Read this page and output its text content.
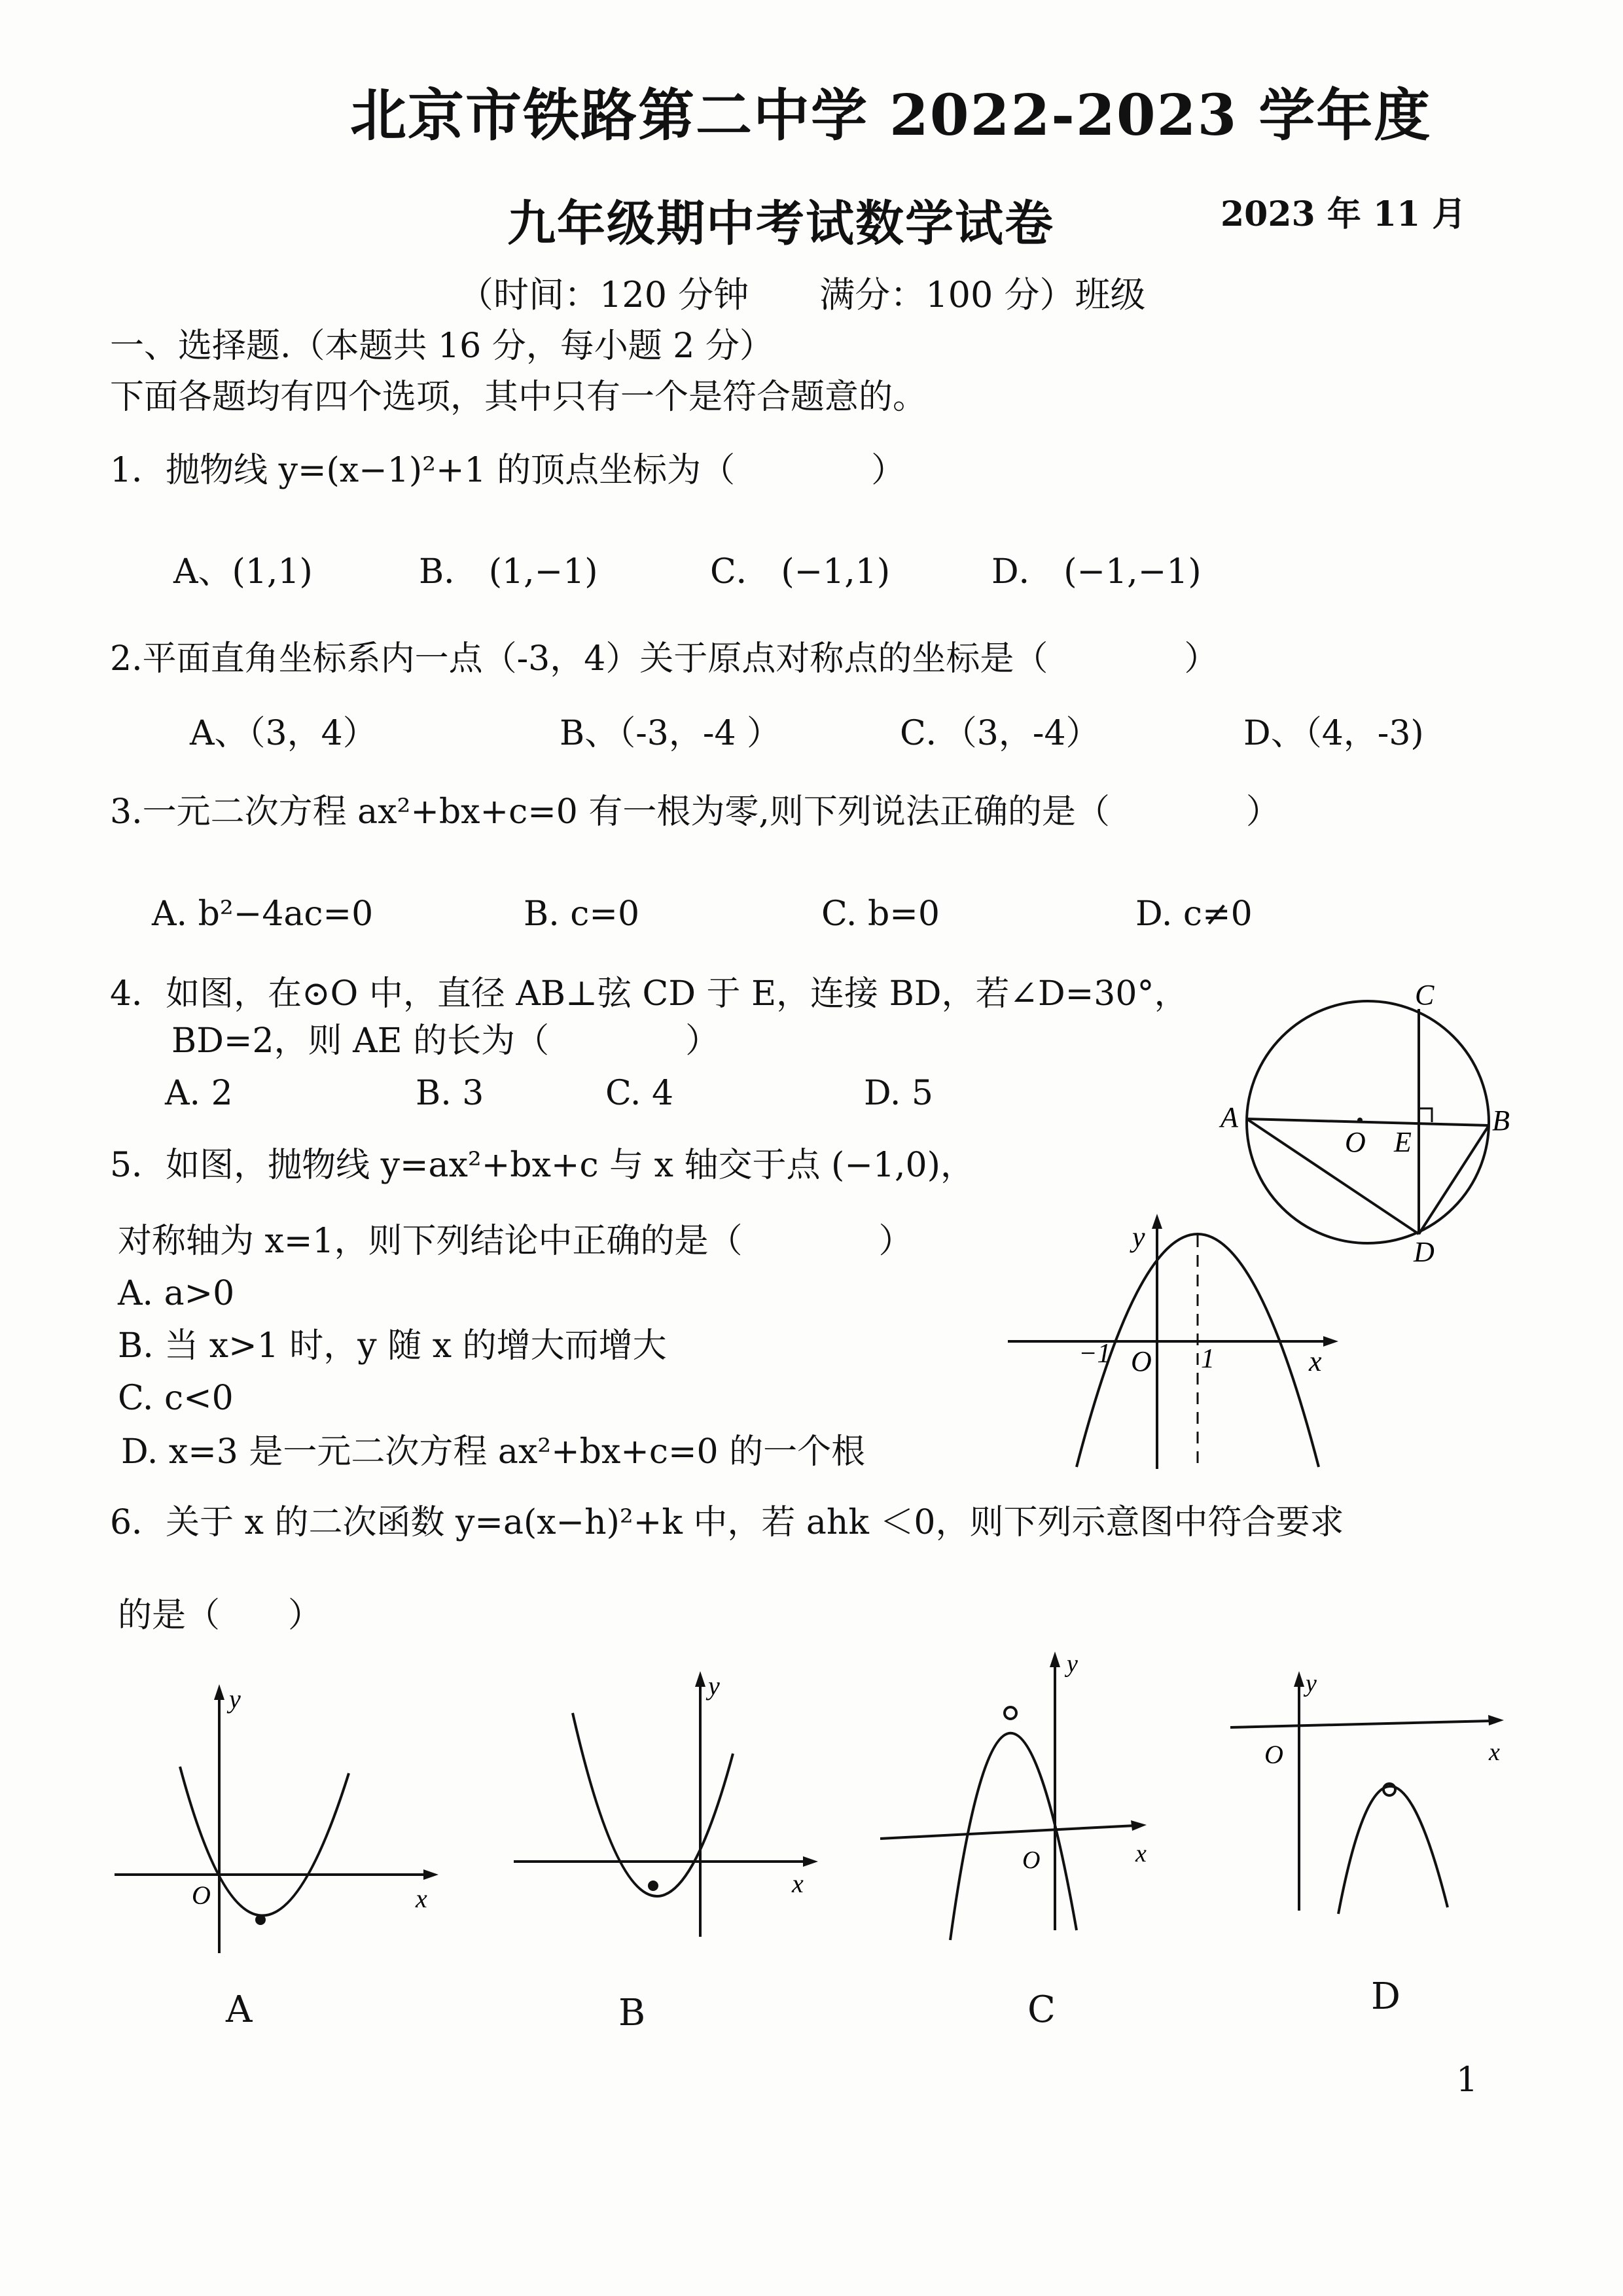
北京市铁路第二中学 2022-2023 学年度
九年级期中考试数学试卷	2023 年 11 月
（时间：120 分钟　　满分：100 分）班级
一、选择题.（本题共 16 分，每小题 2 分）
下面各题均有四个选项，其中只有一个是符合题意的。
1．抛物线 y=(x−1)²+1 的顶点坐标为（　　　　）
A、(1,1)	B． (1,−1)	C． (−1,1)	D． (−1,−1)
2.平面直角坐标系内一点（-3，4）关于原点对称点的坐标是（　　　　）
A、（3，4）	B、（-3，-4 ）	C．（3，-4）	D、（4，-3)
3.一元二次方程 ax²+bx+c=0 有一根为零,则下列说法正确的是（　　　　）
A. b²−4ac=0	B. c=0	C. b=0	D. c≠0
4．如图，在⊙O 中，直径 AB⊥弦 CD 于 E，连接 BD，若∠D=30°，
BD=2，则 AE 的长为（　　　　）
A. 2	B. 3	C. 4	D. 5
C
A
O E
B
D
5．如图，抛物线 y=ax²+bx+c 与 x 轴交于点 (−1,0)，
对称轴为 x=1，则下列结论中正确的是（　　　　）
A. a>0
B. 当 x>1 时，y 随 x 的增大而增大
C. c<0
D. x=3 是一元二次方程 ax²+bx+c=0 的一个根
y
x
O
−1	1
6．关于 x 的二次函数 y=a(x−h)²+k 中，若 ahk ＜0，则下列示意图中符合要求
的是（　　）
y
x
O
A
y
x
B
y
x
O
C
y
x
O
D
1
